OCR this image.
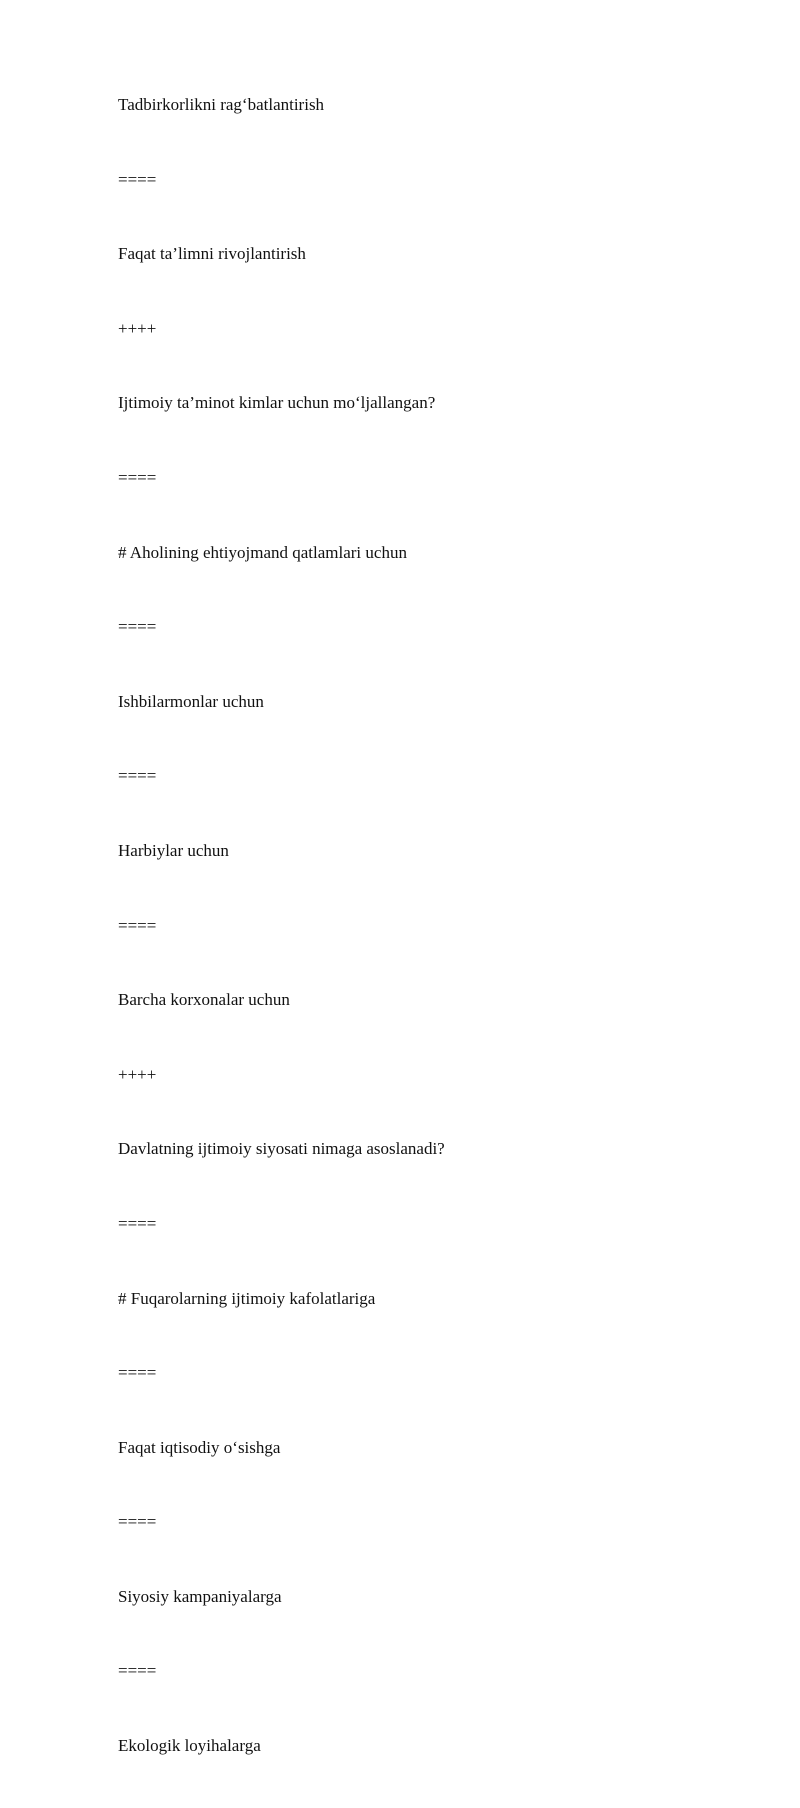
Tadbirkorlikni rag‘batlantirish

====

Faqat ta’limni rivojlantirish

++++

Ijtimoiy ta’minot kimlar uchun mo‘ljallangan?

====

# Aholining ehtiyojmand qatlamlari uchun

====

Ishbilarmonlar uchun

====

Harbiylar uchun

====

Barcha korxonalar uchun

++++

Davlatning ijtimoiy siyosati nimaga asoslanadi?

====

# Fuqarolarning ijtimoiy kafolatlariga

====

Faqat iqtisodiy o‘sishga

====

Siyosiy kampaniyalarga

====

Ekologik loyihalarga
